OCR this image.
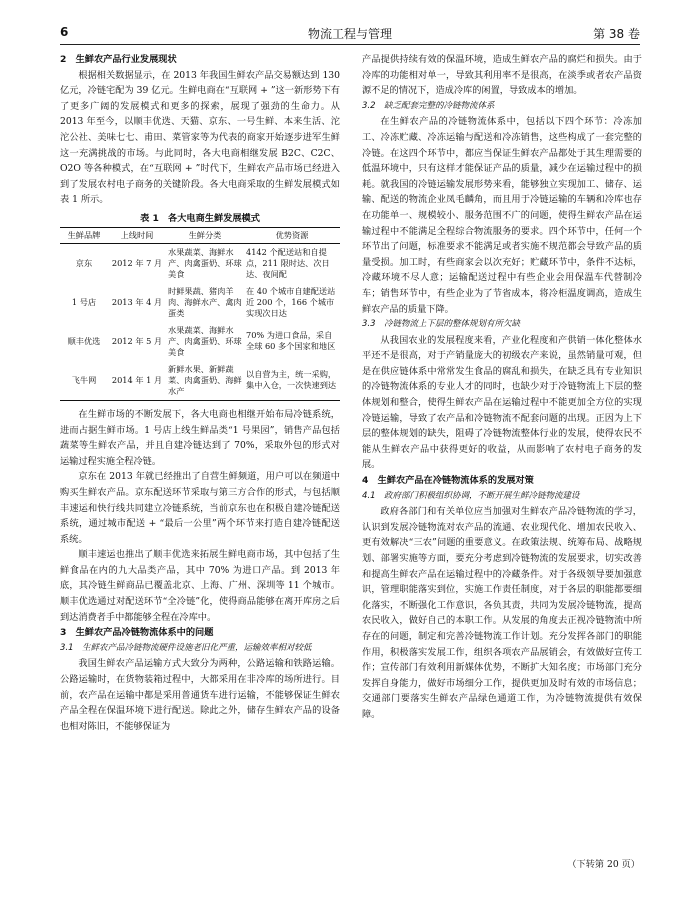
6	物流工程与管理	第 38 卷
2　生鲜农产品行业发展现状

根据相关数据显示，在 2013 年我国生鲜农产品交易额达到 130 亿元，冷链宅配为 39 亿元。生鲜电商在“互联网 + ”这一新形势下有了更多广阔的发展模式和更多的探索，展现了强劲的生命力。从 2013 年至今，以顺丰优选、天猫、京东、一号生鲜、本来生活、沱沱公社、美味七七、甫田、菜管家等为代表的商家开始逐步进军生鲜这一充满挑战的市场。与此同时，各大电商相继发展 B2C、C2C、O2O 等各种模式，在“互联网 + ”时代下，生鲜农产品市场已经进入到了发展农村电子商务的关键阶段。各大电商采取的生鲜发展模式如表 1 所示。

表 1　各大电商生鲜发展模式
生鲜品牌	上线时间	生鲜分类	优势资源
京东	2012 年 7 月	水果蔬菜、海鲜水产、肉禽蛋奶、环球美食	4142 个配送站和自提点，211 限时达、次日达、夜间配
1 号店	2013 年 4 月	时鲜果蔬、猪肉羊肉、海鲜水产、禽肉蛋类	在 40 个城市自建配送站近 200 个，166 个城市实现次日达
顺丰优选	2012 年 5 月	水果蔬菜、海鲜水产、肉禽蛋奶、环球美食	70% 为进口食品，采自全球 60 多个国家和地区
飞牛网	2014 年 1 月	新鲜水果、新鲜蔬菜、肉禽蛋奶、海鲜水产	以自营为主，统一采购，集中入仓，一次快速到达

在生鲜市场的不断发展下，各大电商也相继开始布局冷链系统，进而占据生鲜市场。1 号店上线生鲜品类“1 号果园”，销售产品包括蔬菜等生鲜农产品，并且自建冷链达到了 70%，采取外包的形式对运输过程实施全程冷链。

京东在 2013 年就已经推出了自营生鲜频道，用户可以在频道中购买生鲜农产品。京东配送环节采取与第三方合作的形式，与包括顺丰速运和快行线共同建立冷链系统，当前京东也在积极自建冷链配送系统，通过城市配送 + “最后一公里”两个环节来打造自建冷链配送系统。

顺丰速运也推出了顺丰优选来拓展生鲜电商市场，其中包括了生鲜食品在内的九大品类产品，其中 70% 为进口产品。到 2013 年底，其冷链生鲜商品已覆盖北京、上海、广州、深圳等 11 个城市。顺丰优选通过对配送环节“全冷链”化，使得商品能够在离开库房之后到达消费者手中都能够全程在冷库中。

3　生鲜农产品冷链物流体系中的问题
3.1　生鲜农产品冷链物流硬件设施老旧化严重，运输效率相对较低

我国生鲜农产品运输方式大致分为两种，公路运输和铁路运输。公路运输时，在货物装箱过程中，大都采用在非冷库的场所进行。目前，农产品在运输中都是采用普通货车进行运输，不能够保证生鲜农产品全程在保温环境下进行配送。除此之外，储存生鲜农产品的设备也相对陈旧，不能够保证为

产品提供持续有效的保温环境，造成生鲜农产品的腐烂和损失。由于冷库的功能相对单一，导致其利用率不是很高，在淡季或者农产品资源不足的情况下，造成冷库的闲置，导致成本的增加。

3.2　缺乏配套完整的冷链物流体系

在生鲜农产品的冷链物流体系中，包括以下四个环节：冷冻加工、冷冻贮藏、冷冻运输与配送和冷冻销售，这些构成了一套完整的冷链。在这四个环节中，都应当保证生鲜农产品都处于其生理需要的低温环境中，只有这样才能保证产品的质量，减少在运输过程中的损耗。就我国的冷链运输发展形势来看，能够独立实现加工、储存、运输、配送的物流企业凤毛麟角，而且用于冷链运输的车辆和冷库也存在功能单一、规模较小、服务范围不广的问题，使得生鲜农产品在运输过程中不能满足全程综合物流服务的要求。四个环节中，任何一个环节出了问题，标准要求不能满足或者实施不规范都会导致产品的质量受损。加工时，有些商家会以次充好；贮藏环节中，条件不达标，冷藏环境不尽人意；运输配送过程中有些企业会用保温车代替制冷车；销售环节中，有些企业为了节省成本，将冷柜温度调高，造成生鲜农产品的质量下降。

3.3　冷链物流上下层的整体规划有所欠缺

从我国农业的发展程度来看，产业化程度和产供销一体化整体水平还不是很高，对于产销量庞大的初级农产来说，虽然销量可观，但是在供应链体系中常常发生食品的腐乱和损失，在缺乏具有专业知识的冷链物流体系的专业人才的同时，也缺少对于冷链物流上下层的整体规划和整合，使得生鲜农产品在运输过程中不能更加全方位的实现冷链运输，导致了农产品和冷链物流不配套问题的出现。正因为上下层的整体规划的缺失，阻碍了冷链物流整体行业的发展，使得农民不能从生鲜农产品中获得更好的收益，从而影响了农村电子商务的发展。

4　生鲜农产品在冷链物流体系的发展对策
4.1　政府部门积极组织协调，不断开展生鲜冷链物流建设

政府各部门和有关单位应当加强对生鲜农产品冷链物流的学习，认识到发展冷链物流对农产品的流通、农业现代化、增加农民收入、更有效解决“三农”问题的重要意义。在政策法规、统筹布局、战略规划、部署实施等方面，要充分考虑到冷链物流的发展要求，切实改善和提高生鲜农产品在运输过程中的冷藏条件。对于各级领导要加强意识，管理职能落实到位，实施工作责任制度，对于各层的职能都要细化落实，不断强化工作意识，各负其责，共同为发展冷链物流，提高农民收入，做好自己的本职工作。从发展的角度去正视冷链物流中所存在的问题，制定和完善冷链物流工作计划。充分发挥各部门的职能作用，积极落实发展工作，组织各项农产品展销会，有效做好宣传工作；宣传部门有效利用新媒体优势，不断扩大知名度；市场部门充分发挥自身能力，做好市场细分工作，提供更加及时有效的市场信息；交通部门要落实生鲜农产品绿色通道工作，为冷链物流提供有效保障。

（下转第 20 页）
